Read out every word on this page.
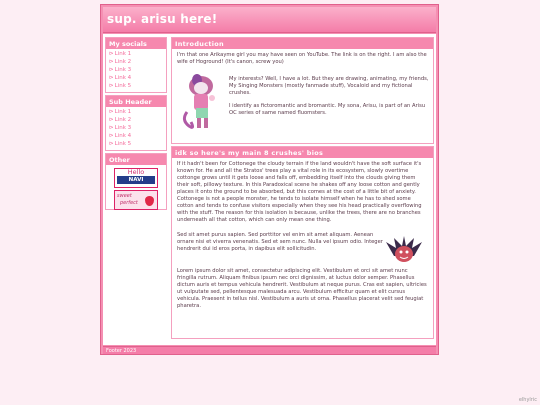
sup. arisu here!
My socials
⊳Link 1
⊳Link 2
⊳Link 3
⊳Link 4
⊳Link 5
Sub Header
⊳Link 1
⊳Link 2
⊳Link 3
⊳Link 4
⊳Link 5
Other
Hello
NAVI
sweet
perfect
Introduction

I'm that one Arikayme girl you may have seen on YouTube. The link is on the right. I am also the wife of Hoground! (It's canon, screw you)

My interests? Well, I have a lot. But they are drawing, animating, my friends, My Singing Monsters (mostly fanmade stuff), Vocaloid and my fictional crushes.

I identify as fictoromantic and bromantic. My sona, Arisu, is part of an Arisu OC series of same named fluomsters.

idk so here's my main 8 crushes' bios

If it hadn't been for Cottonege the cloudy terrain if the land wouldn't have the soft surface it's known for. He and all the Stratos' trees play a vital role in its ecosystem, slowly overtime cottonge grows until it gets loose and falls off, embedding itself into the clouds giving them their soft, pillowy texture. In this Paradoxical scene he shakes off any loose cotton and gently places it onto the ground to be absorbed, but this comes at the cost of a little bit of anxiety. Cottonege is not a people monster, he tends to isolate himself when he has to shed some cotton and tends to confuse visitors especially when they see his head practically overflowing with the stuff. The reason for this isolation is because, unlike the trees, there are no branches underneath all that cotton, which can only mean one thing.

Sed sit amet purus sapien. Sed porttitor vel enim sit amet aliquam. Aenean ornare nisi et viverra venenatis. Sed et sem nunc. Nulla vel ipsum odio. Integer hendrerit dui id eros porta, in dapibus elit sollicitudin.

Lorem ipsum dolor sit amet, consectetur adipiscing elit. Vestibulum et orci sit amet nunc fringilla rutrum. Aliquam finibus ipsum nec orci dignissim, at luctus dolor semper. Phasellus dictum auris et tempus vehicula hendrerit. Vestibulum at neque purus. Cras est sapien, ultricies ut vulputate sed, pellentesque malesuada arcu. Vestibulum efficitur quam et elit cursus vehicula. Praesent in tellus nisl. Vestibulum a auris ut orna. Phasellus placerat velit sed feugiat pharetra.

Footer 2023
elhylric
